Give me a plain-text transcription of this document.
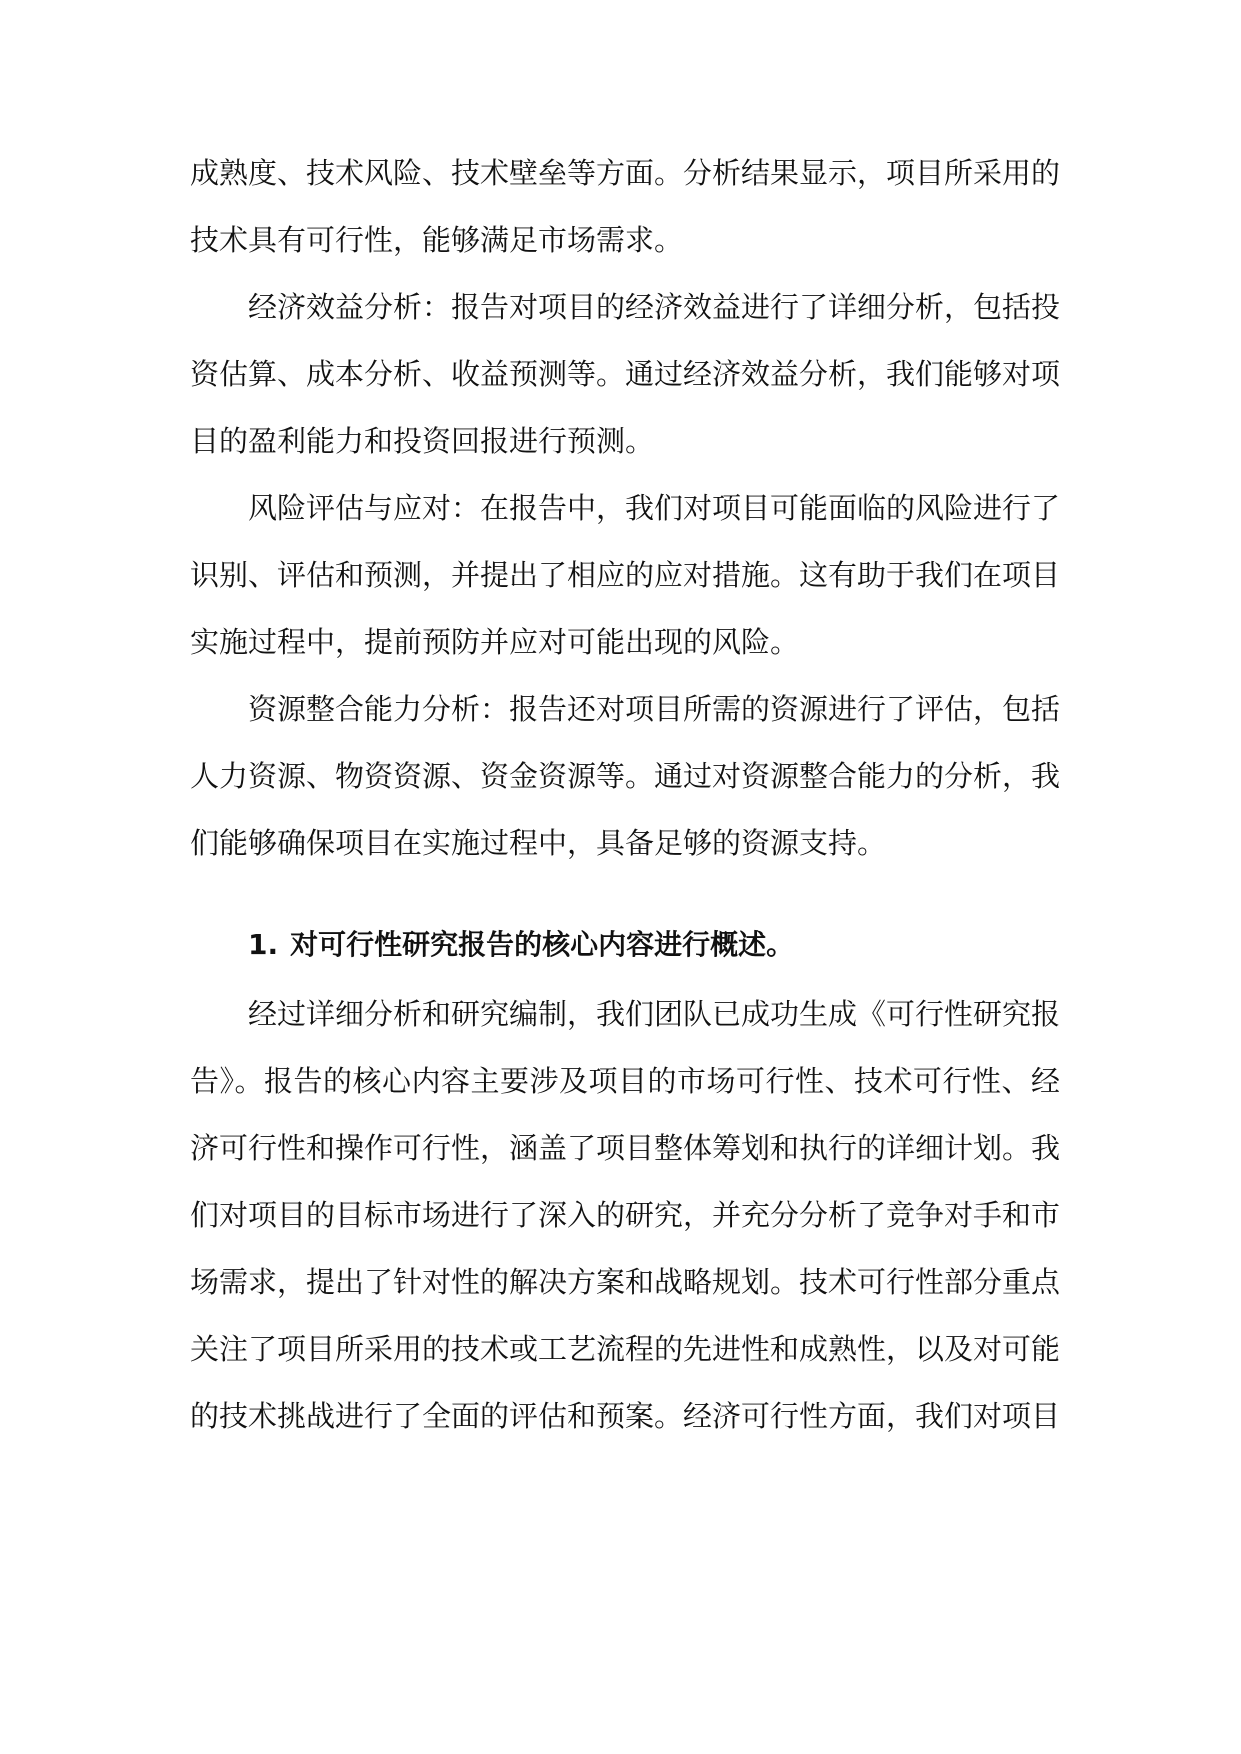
成熟度、技术风险、技术壁垒等方面。分析结果显示，项目所采用的技术具有可行性，能够满足市场需求。

经济效益分析：报告对项目的经济效益进行了详细分析，包括投资估算、成本分析、收益预测等。通过经济效益分析，我们能够对项目的盈利能力和投资回报进行预测。

风险评估与应对：在报告中，我们对项目可能面临的风险进行了识别、评估和预测，并提出了相应的应对措施。这有助于我们在项目实施过程中，提前预防并应对可能出现的风险。

资源整合能力分析：报告还对项目所需的资源进行了评估，包括人力资源、物资资源、资金资源等。通过对资源整合能力的分析，我们能够确保项目在实施过程中，具备足够的资源支持。

1. 对可行性研究报告的核心内容进行概述。

经过详细分析和研究编制，我们团队已成功生成《可行性研究报告》。报告的核心内容主要涉及项目的市场可行性、技术可行性、经济可行性和操作可行性，涵盖了项目整体筹划和执行的详细计划。我们对项目的目标市场进行了深入的研究，并充分分析了竞争对手和市场需求，提出了针对性的解决方案和战略规划。技术可行性部分重点关注了项目所采用的技术或工艺流程的先进性和成熟性，以及对可能的技术挑战进行了全面的评估和预案。经济可行性方面，我们对项目
